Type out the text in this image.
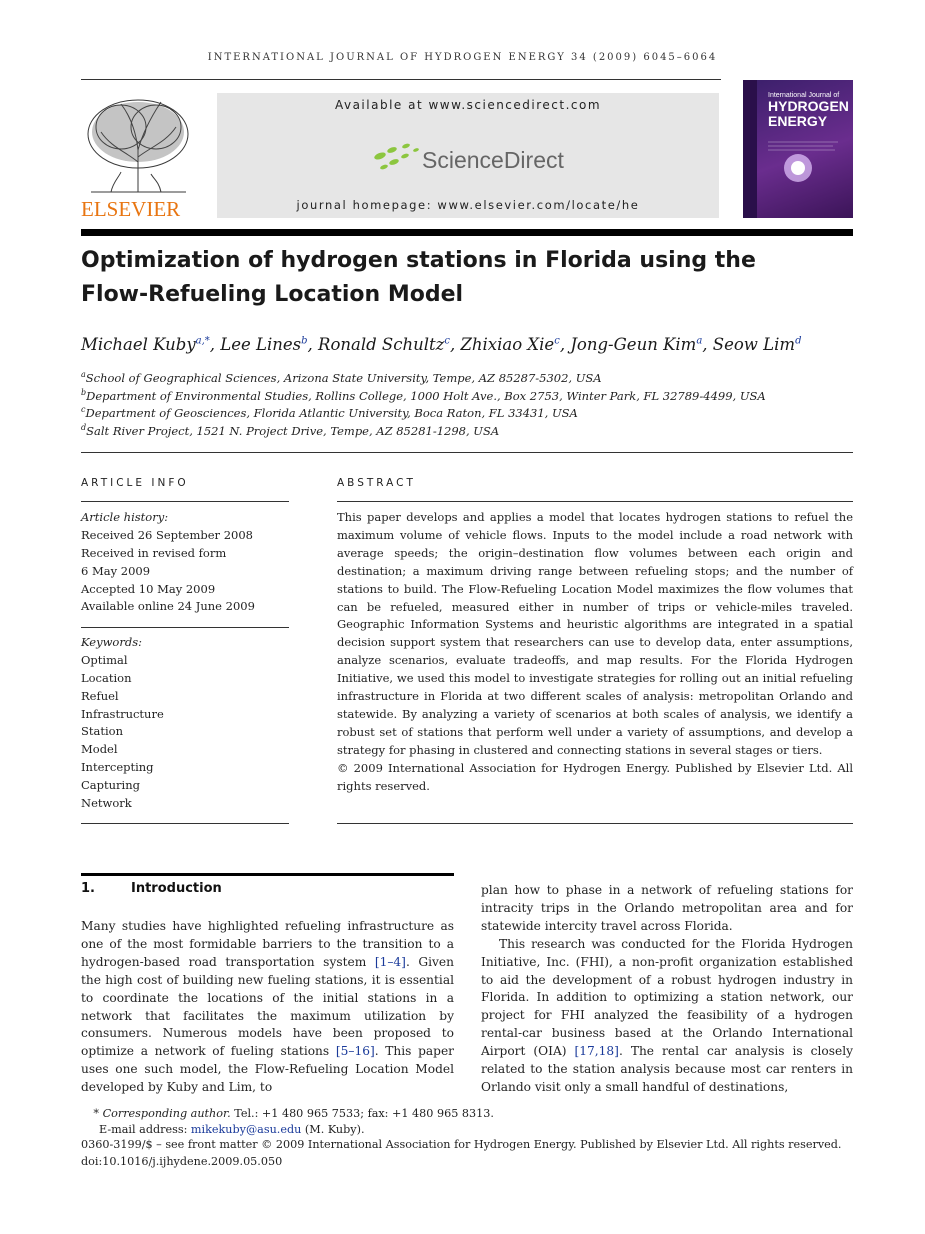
INTERNATIONAL JOURNAL OF HYDROGEN ENERGY 34 (2009) 6045–6064
ELSEVIER
Available at www.sciencedirect.com
ScienceDirect
journal homepage: www.elsevier.com/locate/he
International Journal of
HYDROGEN
ENERGY
Optimization of hydrogen stations in Florida using the
Flow-Refueling Location Model
Michael Kuby$^{a,*}$, Lee Lines$^b$, Ronald Schultz$^c$, Zhixiao Xie$^c$, Jong-Geun Kim$^a$, Seow Lim$^d$
$^a$School of Geographical Sciences, Arizona State University, Tempe, AZ 85287-5302, USA
$^b$Department of Environmental Studies, Rollins College, 1000 Holt Ave., Box 2753, Winter Park, FL 32789-4499, USA
$^c$Department of Geosciences, Florida Atlantic University, Boca Raton, FL 33431, USA
$^d$Salt River Project, 1521 N. Project Drive, Tempe, AZ 85281-1298, USA
ARTICLE INFO
Article history:
Received 26 September 2008
Received in revised form
6 May 2009
Accepted 10 May 2009
Available online 24 June 2009
Keywords:
Optimal
Location
Refuel
Infrastructure
Station
Model
Intercepting
Capturing
Network
ABSTRACT

This paper develops and applies a model that locates hydrogen stations to refuel the maximum volume of vehicle flows. Inputs to the model include a road network with average speeds; the origin–destination flow volumes between each origin and destination; a maximum driving range between refueling stops; and the number of stations to build. The Flow-Refueling Location Model maximizes the flow volumes that can be refueled, measured either in number of trips or vehicle-miles traveled. Geographic Information Systems and heuristic algorithms are integrated in a spatial decision support system that researchers can use to develop data, enter assumptions, analyze scenarios, evaluate tradeoffs, and map results. For the Florida Hydrogen Initiative, we used this model to investigate strategies for rolling out an initial refueling infrastructure in Florida at two different scales of analysis: metropolitan Orlando and statewide. By analyzing a variety of scenarios at both scales of analysis, we identify a robust set of stations that perform well under a variety of assumptions, and develop a strategy for phasing in clustered and connecting stations in several stages or tiers.

© 2009 International Association for Hydrogen Energy. Published by Elsevier Ltd. All rights reserved.

1.	Introduction

Many studies have highlighted refueling infrastructure as one of the most formidable barriers to the transition to a hydrogen-based road transportation system [1–4]. Given the high cost of building new fueling stations, it is essential to coordinate the locations of the initial stations in a network that facilitates the maximum utilization by consumers. Numerous models have been proposed to optimize a network of fueling stations [5–16]. This paper uses one such model, the Flow-Refueling Location Model developed by Kuby and Lim, to

plan how to phase in a network of refueling stations for intracity trips in the Orlando metropolitan area and for statewide intercity travel across Florida.

This research was conducted for the Florida Hydrogen Initiative, Inc. (FHI), a non-profit organization established to aid the development of a robust hydrogen industry in Florida. In addition to optimizing a station network, our project for FHI analyzed the feasibility of a hydrogen rental-car business based at the Orlando International Airport (OIA) [17,18]. The rental car analysis is closely related to the station analysis because most car renters in Orlando visit only a small handful of destinations,

* Corresponding author. Tel.: +1 480 965 7533; fax: +1 480 965 8313.
E-mail address: mikekuby@asu.edu (M. Kuby).
0360-3199/$ – see front matter © 2009 International Association for Hydrogen Energy. Published by Elsevier Ltd. All rights reserved.
doi:10.1016/j.ijhydene.2009.05.050
